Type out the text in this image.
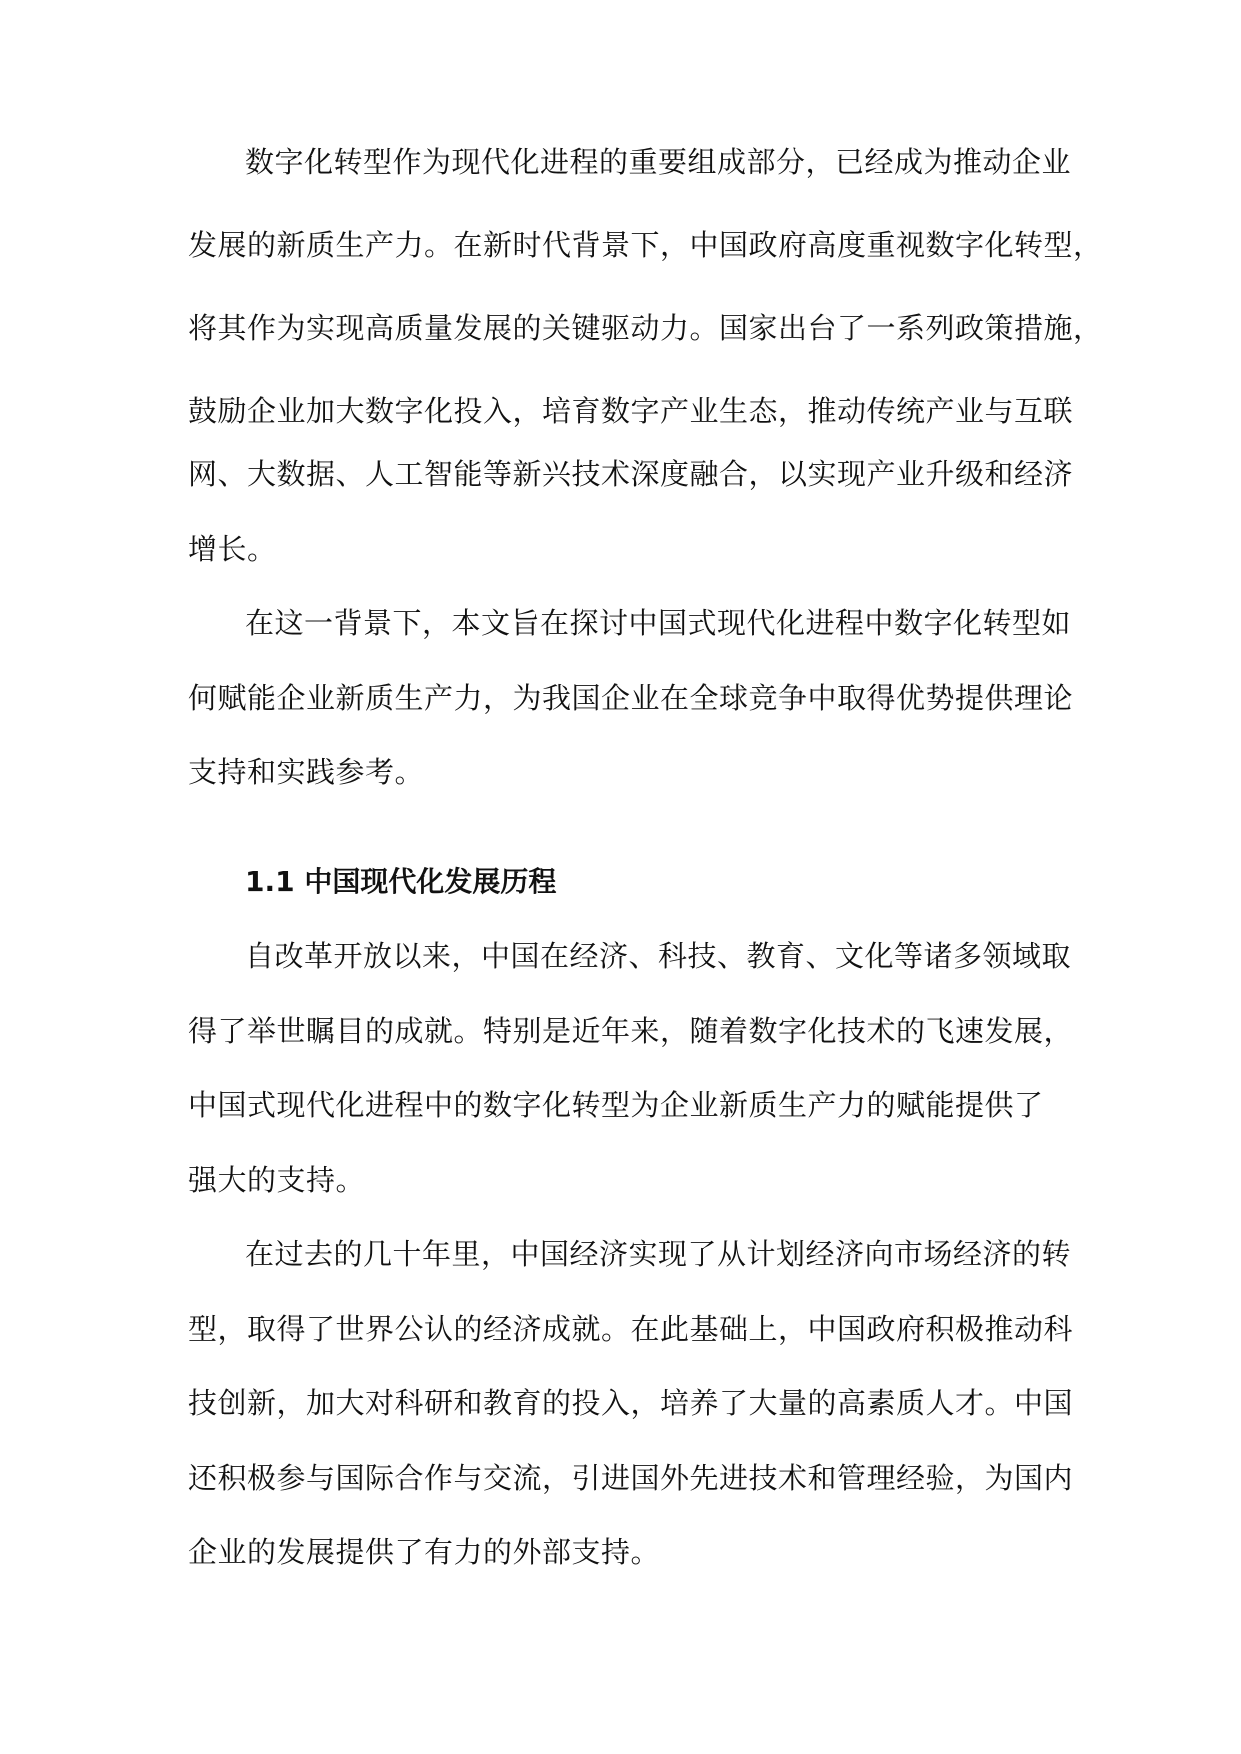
数字化转型作为现代化进程的重要组成部分，已经成为推动企业
发展的新质生产力。在新时代背景下，中国政府高度重视数字化转型，
将其作为实现高质量发展的关键驱动力。国家出台了一系列政策措施，
鼓励企业加大数字化投入，培育数字产业生态，推动传统产业与互联
网、大数据、人工智能等新兴技术深度融合，以实现产业升级和经济
增长。
在这一背景下，本文旨在探讨中国式现代化进程中数字化转型如
何赋能企业新质生产力，为我国企业在全球竞争中取得优势提供理论
支持和实践参考。
1.1 中国现代化发展历程
自改革开放以来，中国在经济、科技、教育、文化等诸多领域取
得了举世瞩目的成就。特别是近年来，随着数字化技术的飞速发展，
中国式现代化进程中的数字化转型为企业新质生产力的赋能提供了
强大的支持。
在过去的几十年里，中国经济实现了从计划经济向市场经济的转
型，取得了世界公认的经济成就。在此基础上，中国政府积极推动科
技创新，加大对科研和教育的投入，培养了大量的高素质人才。中国
还积极参与国际合作与交流，引进国外先进技术和管理经验，为国内
企业的发展提供了有力的外部支持。
